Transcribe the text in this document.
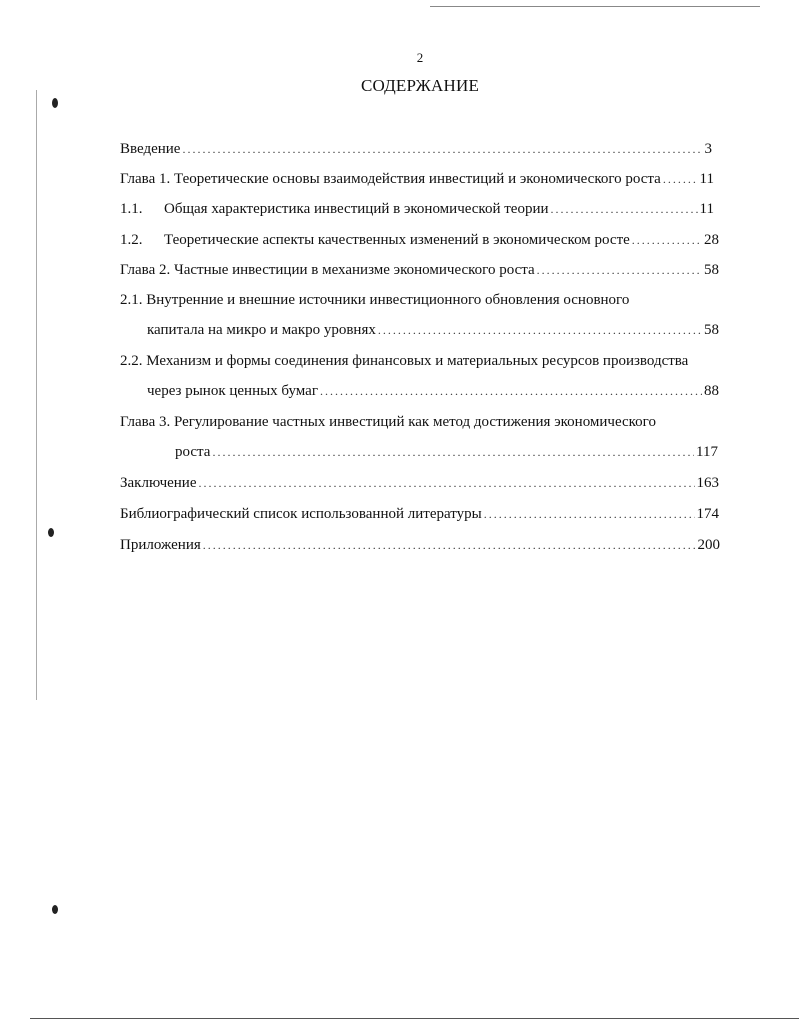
2
СОДЕРЖАНИЕ
Введение .....	3
Глава 1. Теоретические основы взаимодействия инвестиций и экономического роста .....	11
1.1.	Общая характеристика инвестиций в экономической теории .....	11
1.2.	Теоретические аспекты качественных изменений в экономическом росте .....	28
Глава 2. Частные инвестиции в механизме экономического роста .....	58
2.1. Внутренние и внешние источники инвестиционного обновления основного
капитала на микро и макро уровнях .....	58
2.2. Механизм и формы соединения финансовых и материальных ресурсов производства
через рынок ценных бумаг .....	88
Глава 3. Регулирование частных инвестиций как метод достижения экономического
роста .....	117
Заключение .....	163
Библиографический список использованной литературы .....	174
Приложения .....	200
